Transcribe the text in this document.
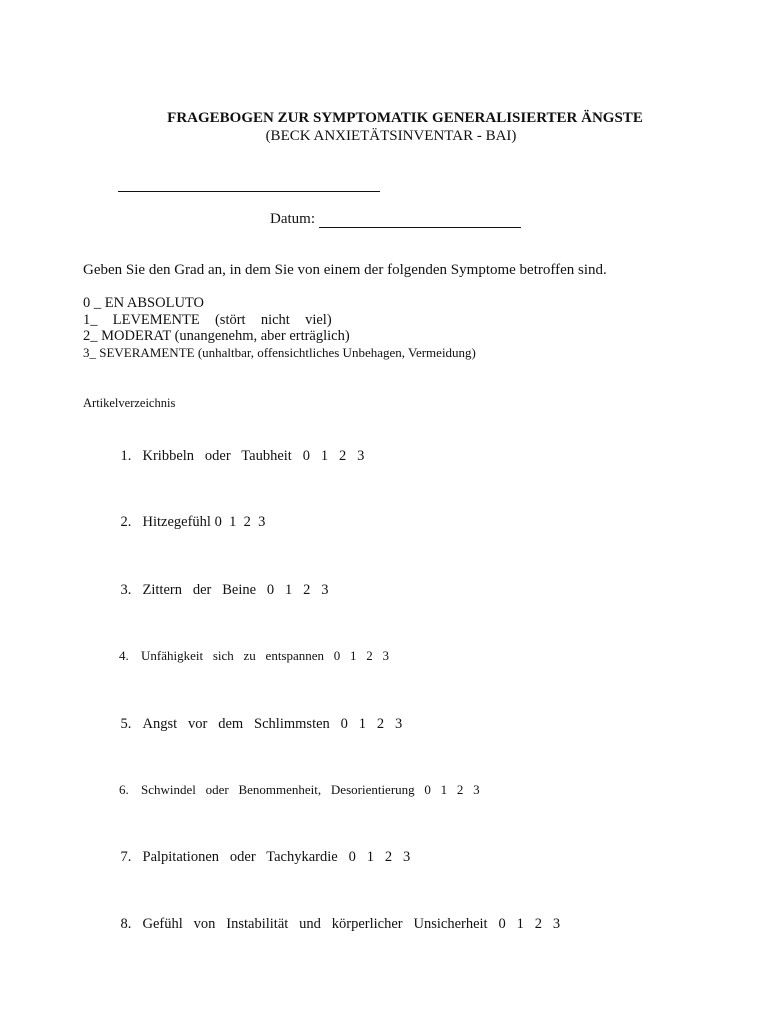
FRAGEBOGEN ZUR SYMPTOMATIK GENERALISIERTER ÄNGSTE
(BECK ANXIETÄTSINVENTAR - BAI)
Datum:
Geben Sie den Grad an, in dem Sie von einem der folgenden Symptome betroffen sind.
0 _ EN ABSOLUTO
1_  LEVEMENTE  (stört  nicht  viel)
2_ MODERAT (unangenehm, aber erträglich)
3_ SEVERAMENTE (unhaltbar, offensichtliches Unbehagen, Vermeidung)
Artikelverzeichnis

1. Kribbeln   oder   Taubheit   0   1   2   3

2. Hitzegefühl 0  1  2  3

3. Zittern   der   Beine   0   1   2   3

4. Unfähigkeit   sich   zu   entspannen   0   1   2   3

5. Angst   vor   dem   Schlimmsten   0   1   2   3

6. Schwindel   oder   Benommenheit,   Desorientierung   0   1   2   3

7. Palpitationen   oder   Tachykardie   0   1   2   3

8. Gefühl   von   Instabilität   und   körperlicher   Unsicherheit   0   1   2   3
